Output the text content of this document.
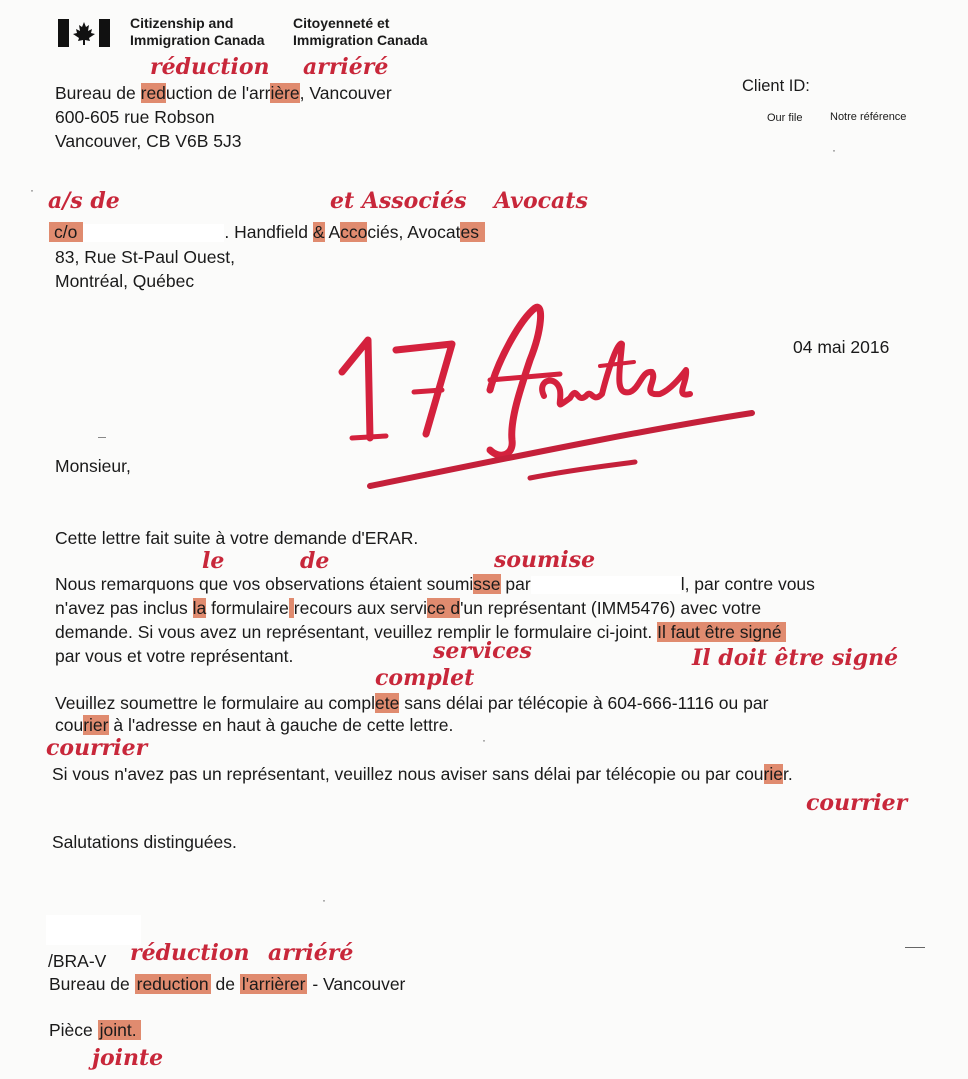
Citizenship and
Immigration Canada
Citoyenneté et
Immigration Canada
réduction arriéré
Bureau de reduction de l'arrière, Vancouver
600-605 rue Robson
Vancouver, CB V6B 5J3
Client ID:
Our file	Notre référence
a/s de	et Associés Avocats
c/o	. Handfield & Accociés, Avocates
83, Rue St-Paul Ouest,
Montréal, Québec
04 mai 2016
Monsieur,
Cette lettre fait suite à votre demande d'ERAR.
le	de	soumise
Nous remarquons que vos observations étaient soumisse par	l, par contre vous
n'avez pas inclus la formulaire recours aux service d'un représentant (IMM5476) avec votre
demande. Si vous avez un représentant, veuillez remplir le formulaire ci-joint. Il faut être signé
par vous et votre représentant.	services	Il doit être signé
complet
Veuillez soumettre le formulaire au complete sans délai par télécopie à 604-666-1116 ou par
courier à l'adresse en haut à gauche de cette lettre.
courrier
Si vous n'avez pas un représentant, veuillez nous aviser sans délai par télécopie ou par courier.
courrier
Salutations distinguées.
/BRA-V réduction arriéré
Bureau de reduction de l'arrièrer - Vancouver
Pièce joint.
jointe
·
·
·
·
